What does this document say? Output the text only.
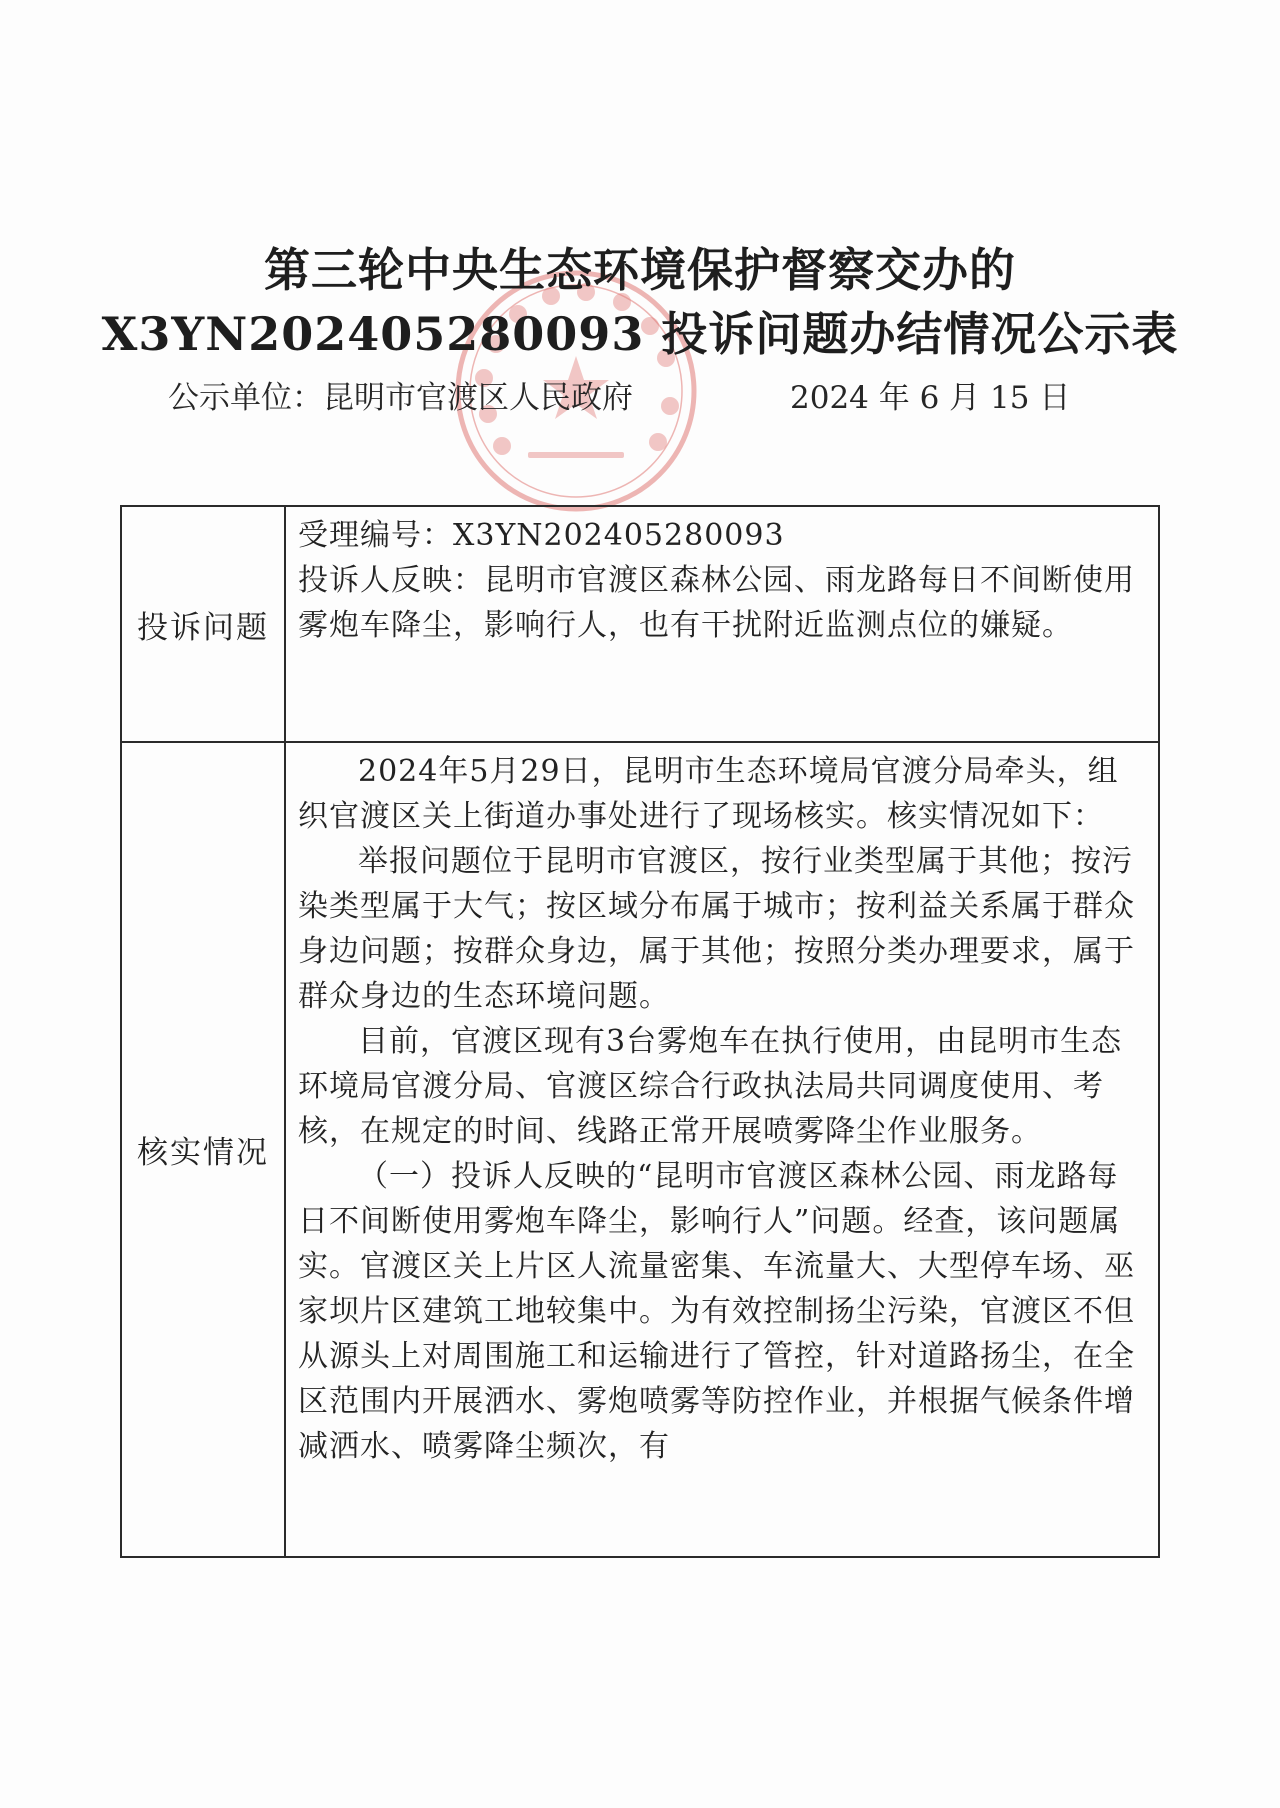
第三轮中央生态环境保护督察交办的
X3YN202405280093 投诉问题办结情况公示表
公示单位：昆明市官渡区人民政府	2024 年 6 月 15 日
投诉问题	受理编号：X3YN202405280093
投诉人反映：昆明市官渡区森林公园、雨龙路每日不间断使用雾炮车降尘，影响行人，也有干扰附近监测点位的嫌疑。

核实情况	2024年5月29日，昆明市生态环境局官渡分局牵头，组织官渡区关上街道办事处进行了现场核实。核实情况如下：
举报问题位于昆明市官渡区，按行业类型属于其他；按污染类型属于大气；按区域分布属于城市；按利益关系属于群众身边问题；按群众身边，属于其他；按照分类办理要求，属于群众身边的生态环境问题。
目前，官渡区现有3台雾炮车在执行使用，由昆明市生态环境局官渡分局、官渡区综合行政执法局共同调度使用、考核，在规定的时间、线路正常开展喷雾降尘作业服务。
（一）投诉人反映的“昆明市官渡区森林公园、雨龙路每日不间断使用雾炮车降尘，影响行人”问题。经查，该问题属实。官渡区关上片区人流量密集、车流量大、大型停车场、巫家坝片区建筑工地较集中。为有效控制扬尘污染，官渡区不但从源头上对周围施工和运输进行了管控，针对道路扬尘，在全区范围内开展洒水、雾炮喷雾等防控作业，并根据气候条件增减洒水、喷雾降尘频次，有
